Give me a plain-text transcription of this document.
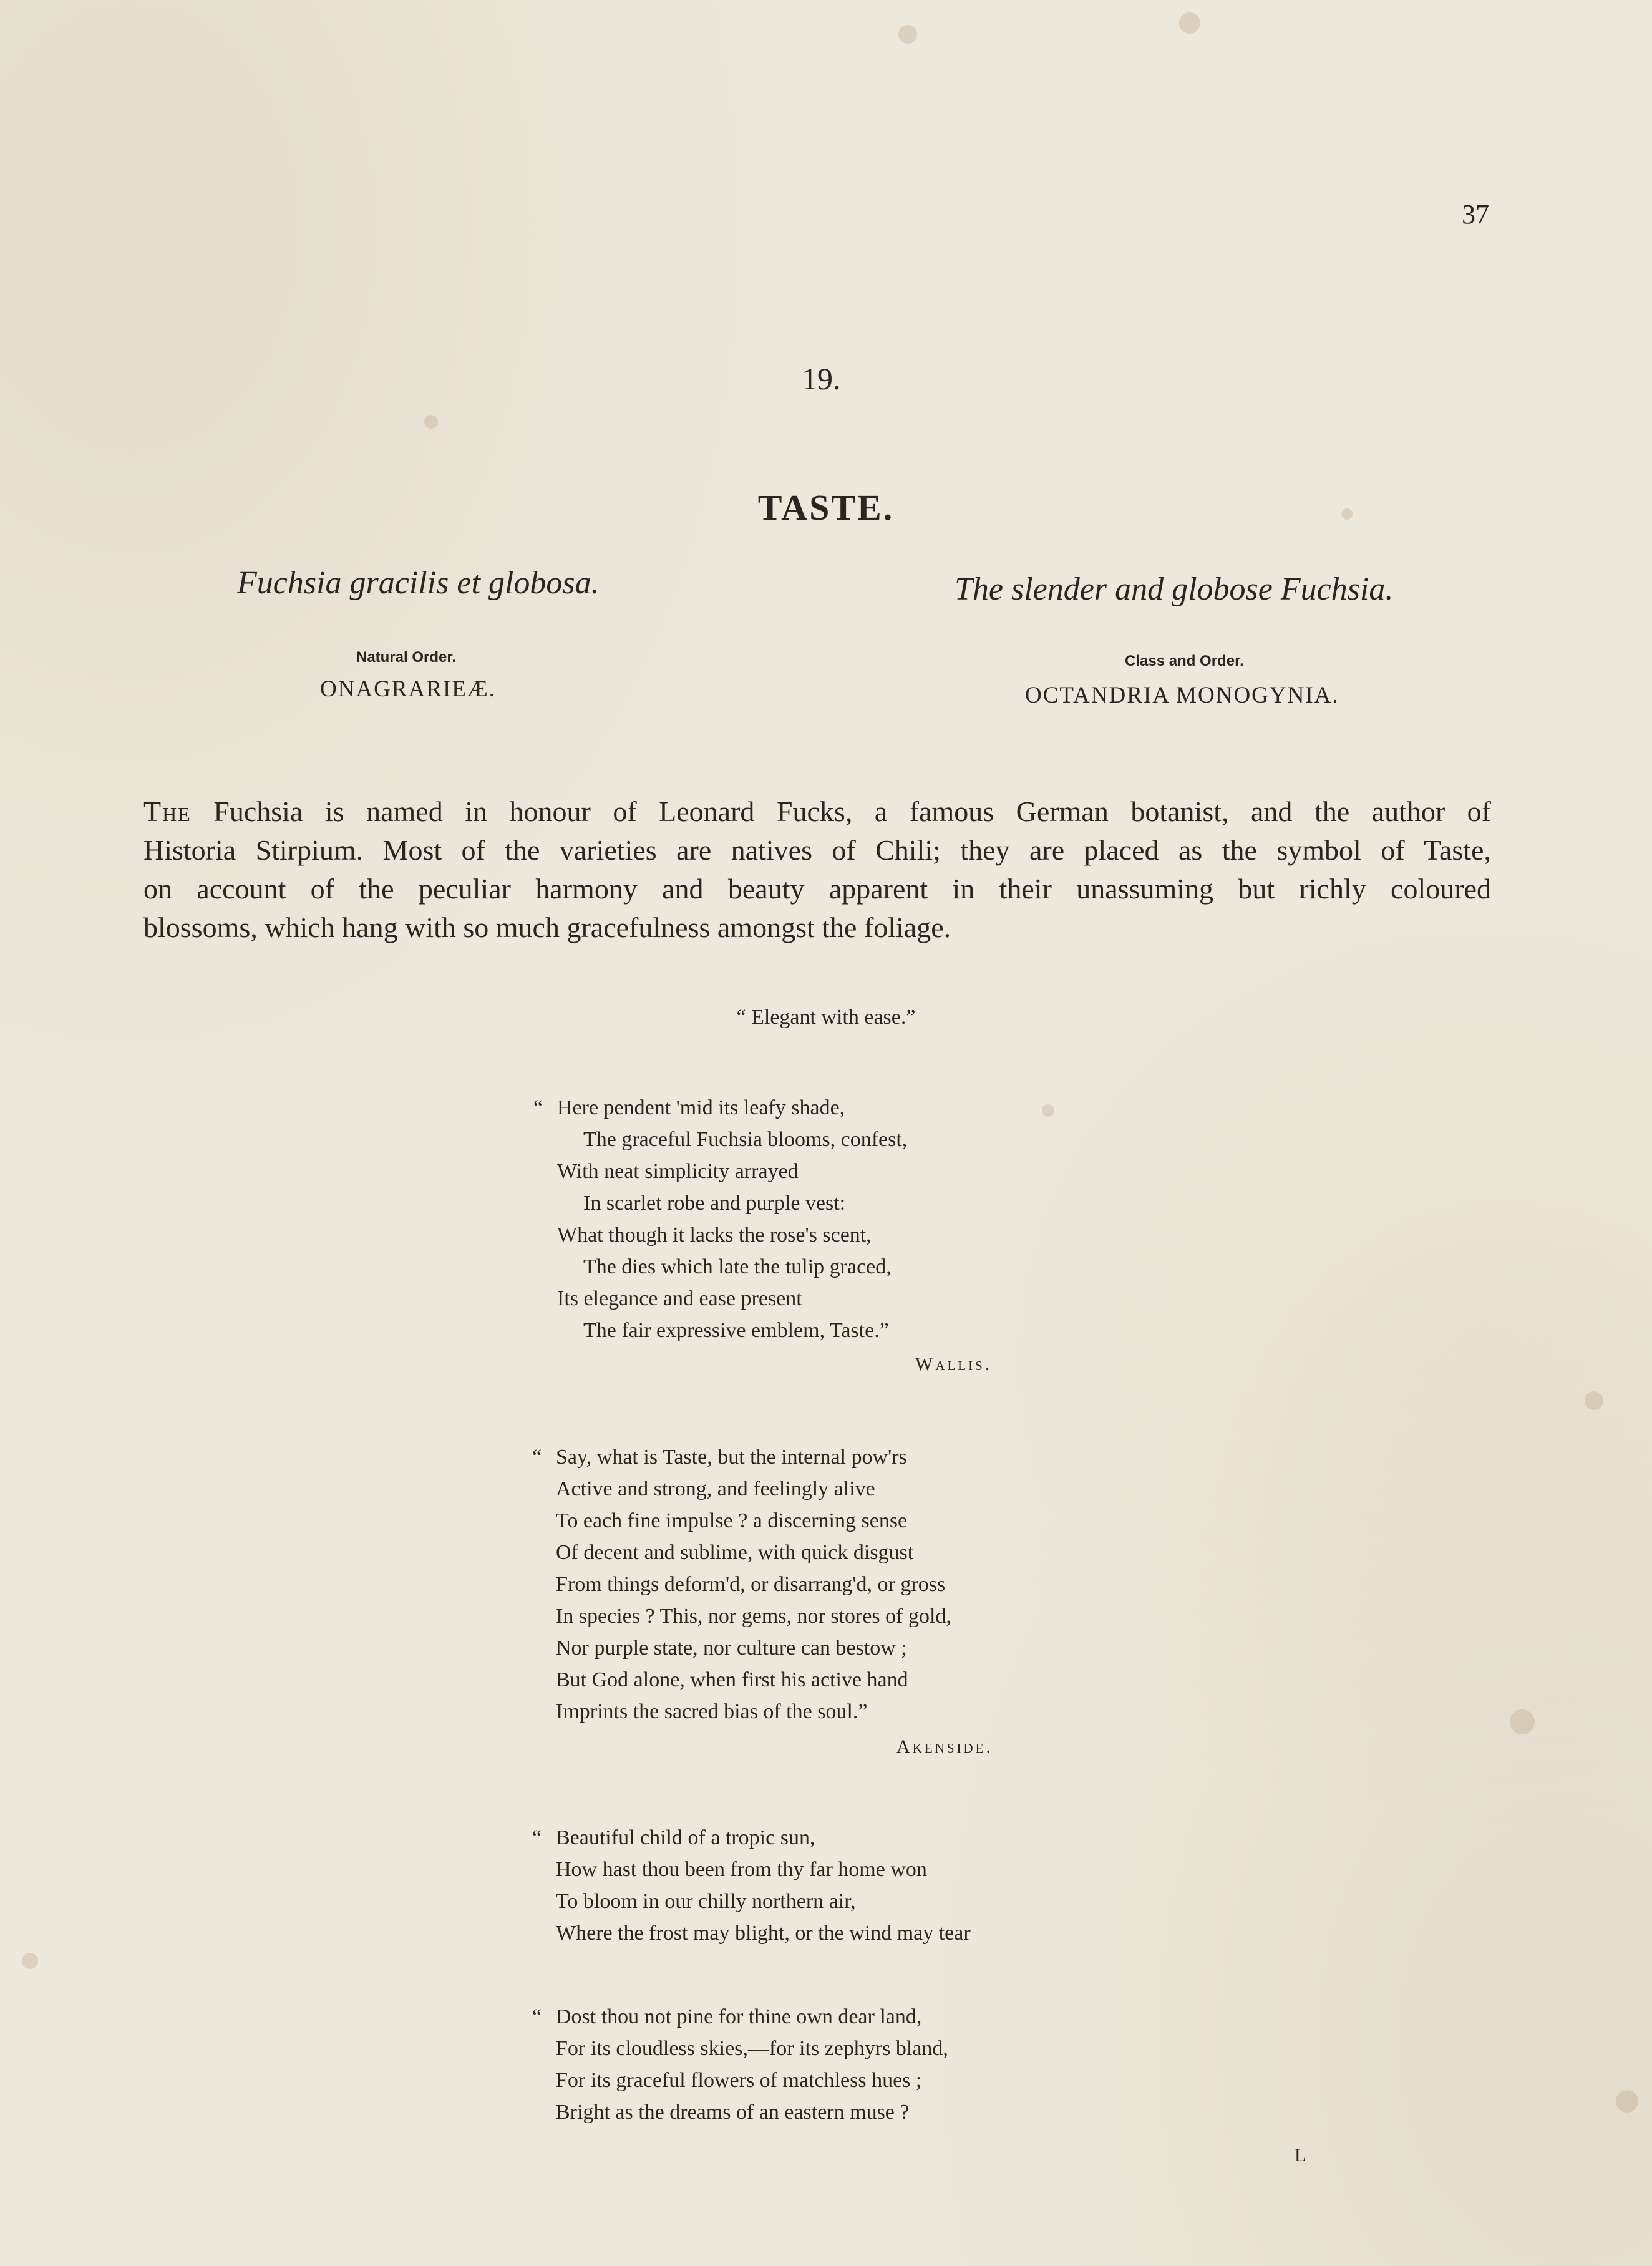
37
19.
TASTE.
Fuchsia gracilis et globosa.	The slender and globose Fuchsia.
Natural Order.
ONAGRARIEÆ.
Class and Order.
OCTANDRIA MONOGYNIA.
The Fuchsia is named in honour of Leonard Fucks, a famous German botanist, and the author of
Historia Stirpium. Most of the varieties are natives of Chili; they are placed as the symbol of Taste,
on account of the peculiar harmony and beauty apparent in their unassuming but richly coloured
blossoms, which hang with so much gracefulness amongst the foliage.
“ Elegant with ease.”
“ Here pendent 'mid its leafy shade,
The graceful Fuchsia blooms, confest,
With neat simplicity arrayed
In scarlet robe and purple vest:
What though it lacks the rose's scent,
The dies which late the tulip graced,
Its elegance and ease present
The fair expressive emblem, Taste.”
Wallis.
“ Say, what is Taste, but the internal pow'rs
Active and strong, and feelingly alive
To each fine impulse ? a discerning sense
Of decent and sublime, with quick disgust
From things deform'd, or disarrang'd, or gross
In species ? This, nor gems, nor stores of gold,
Nor purple state, nor culture can bestow ;
But God alone, when first his active hand
Imprints the sacred bias of the soul.”
Akenside.
“ Beautiful child of a tropic sun,
How hast thou been from thy far home won
To bloom in our chilly northern air,
Where the frost may blight, or the wind may tear
“ Dost thou not pine for thine own dear land,
For its cloudless skies,—for its zephyrs bland,
For its graceful flowers of matchless hues ;
Bright as the dreams of an eastern muse ?
L
